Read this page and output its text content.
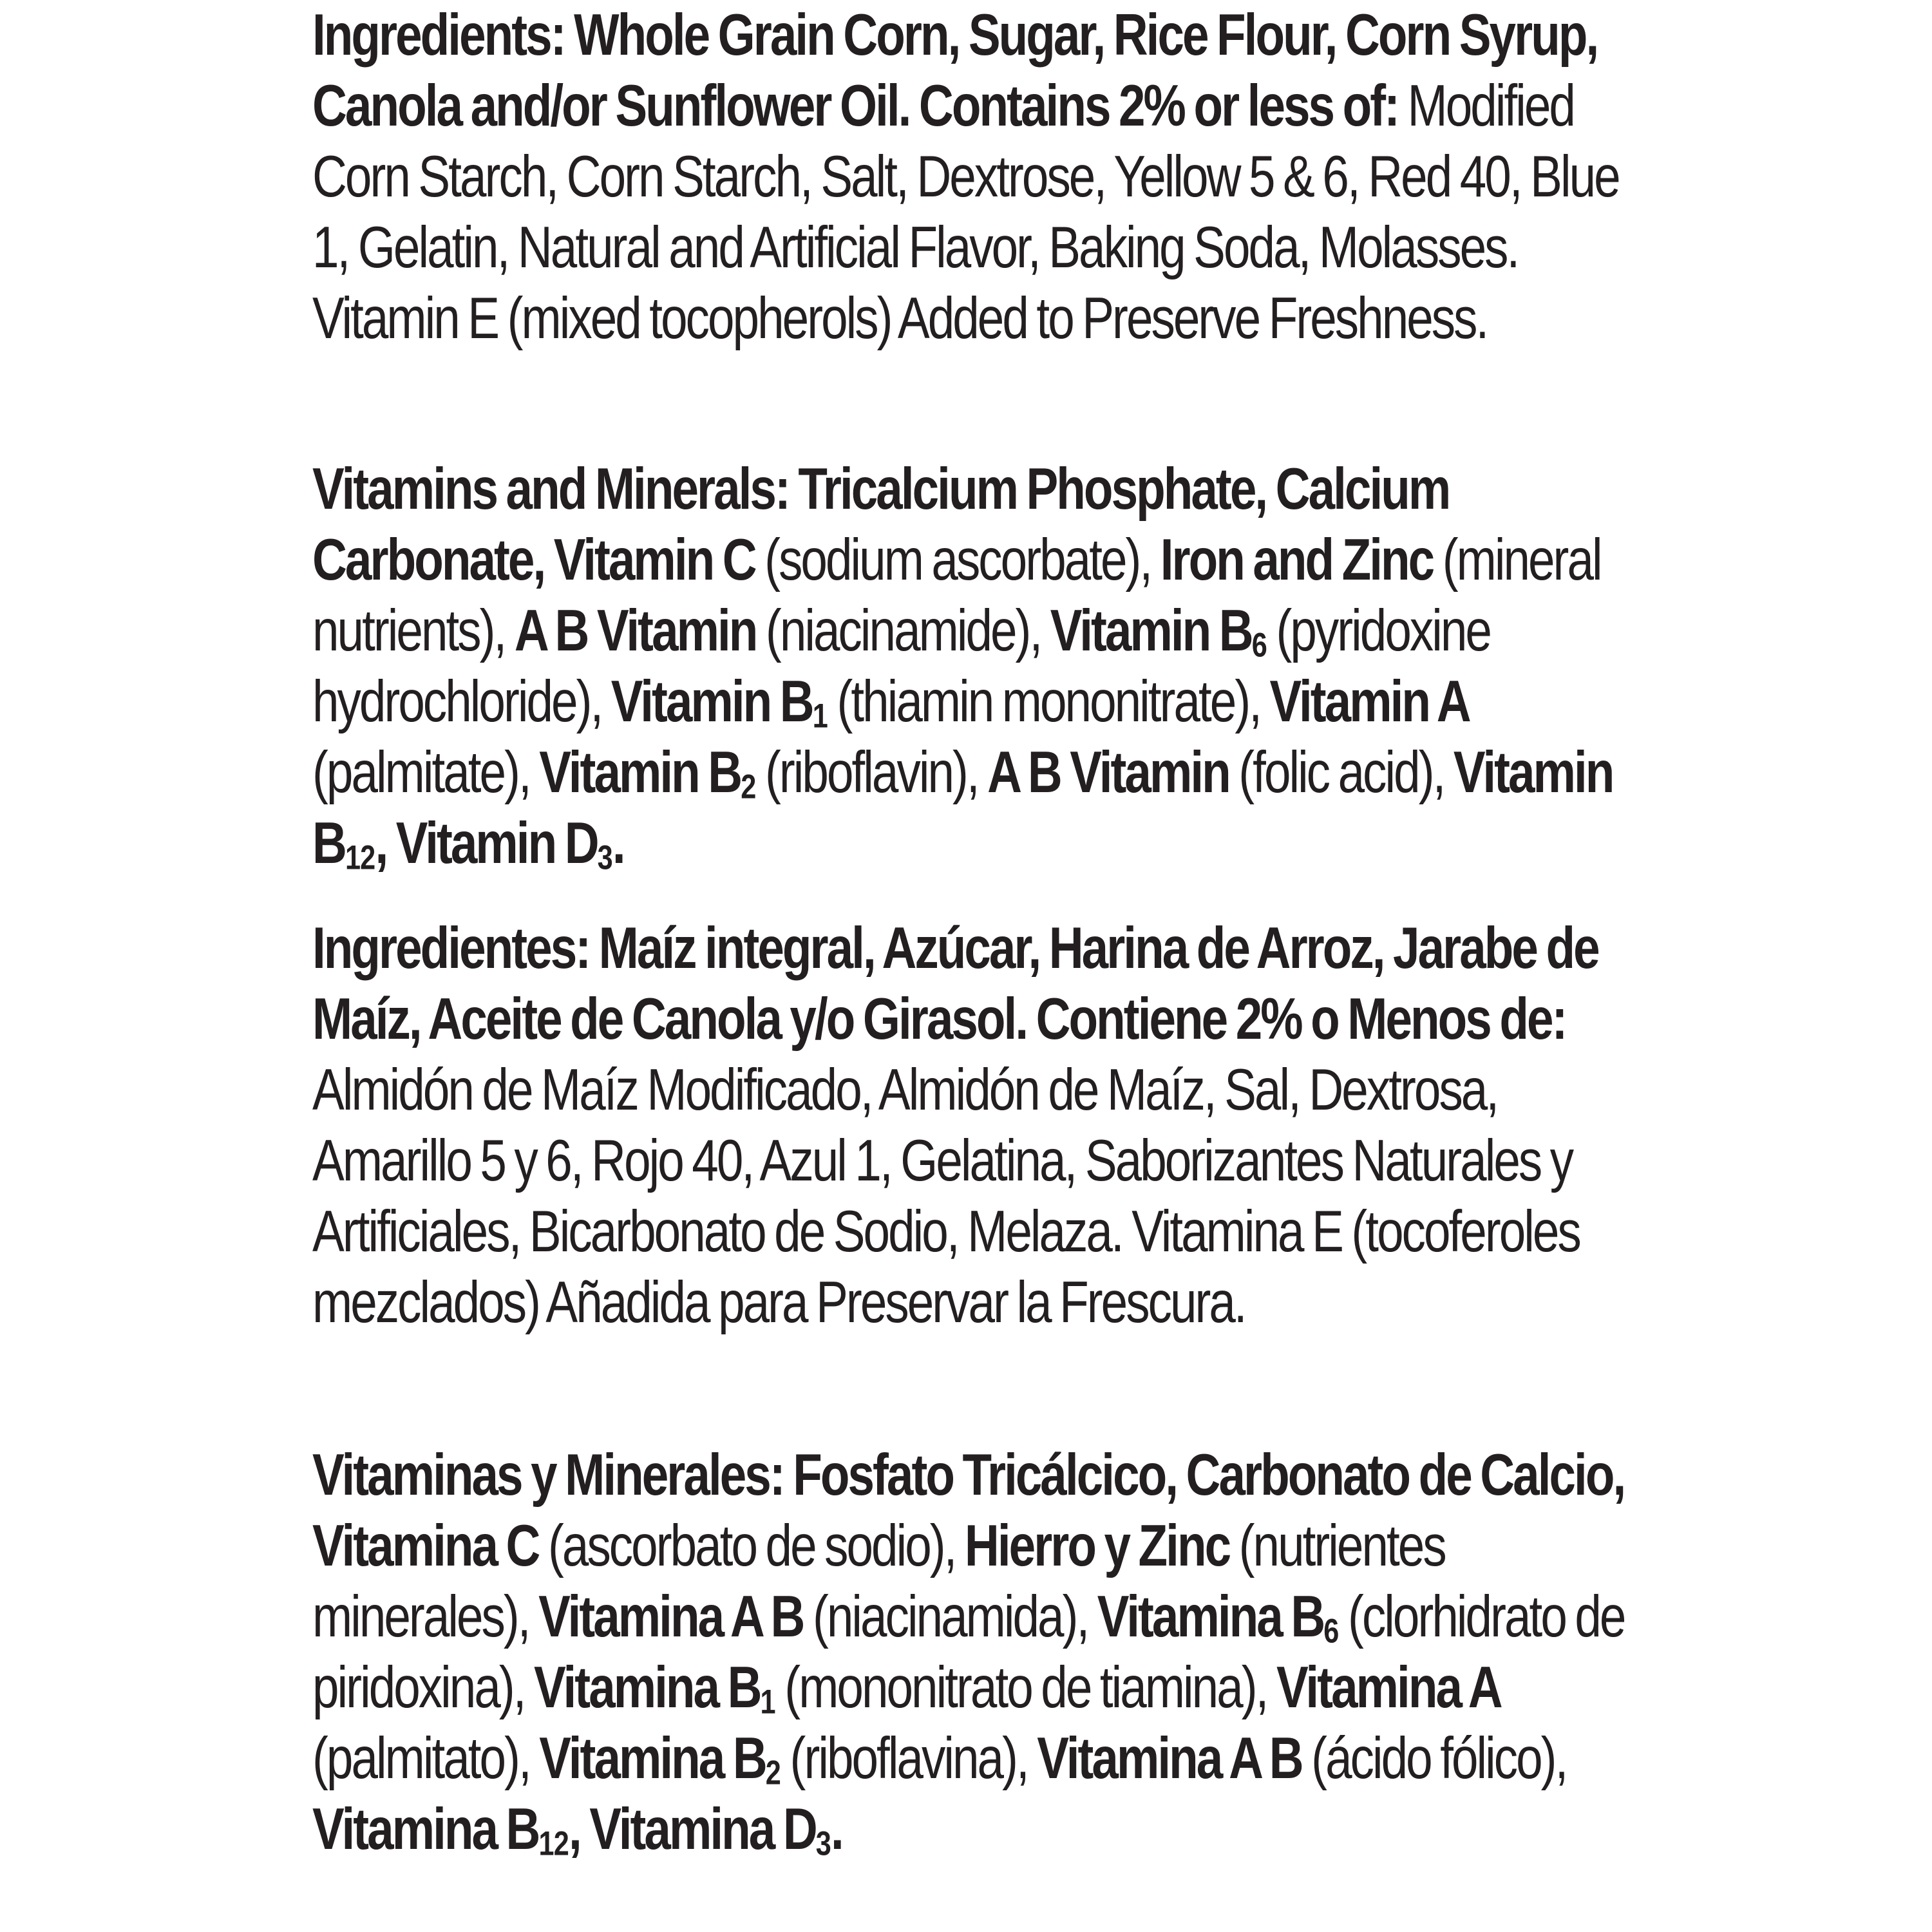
Ingredients: Whole Grain Corn, Sugar, Rice Flour, Corn Syrup, Canola and/or Sunflower Oil. Contains 2% or less of: Modified Corn Starch, Corn Starch, Salt, Dextrose, Yellow 5 & 6, Red 40, Blue 1, Gelatin, Natural and Artificial Flavor, Baking Soda, Molasses. Vitamin E (mixed tocopherols) Added to Preserve Freshness.

Vitamins and Minerals: Tricalcium Phosphate, Calcium Carbonate, Vitamin C (sodium ascorbate), Iron and Zinc (mineral nutrients), A B Vitamin (niacinamide), Vitamin B6 (pyridoxine hydrochloride), Vitamin B1 (thiamin mononitrate), Vitamin A (palmitate), Vitamin B2 (riboflavin), A B Vitamin (folic acid), Vitamin B12, Vitamin D3.

Ingredientes: Maíz integral, Azúcar, Harina de Arroz, Jarabe de Maíz, Aceite de Canola y/o Girasol. Contiene 2% o Menos de: Almidón de Maíz Modificado, Almidón de Maíz, Sal, Dextrosa, Amarillo 5 y 6, Rojo 40, Azul 1, Gelatina, Saborizantes Naturales y Artificiales, Bicarbonato de Sodio, Melaza. Vitamina E (tocoferoles mezclados) Añadida para Preservar la Frescura.

Vitaminas y Minerales: Fosfato Tricálcico, Carbonato de Calcio, Vitamina C (ascorbato de sodio), Hierro y Zinc (nutrientes minerales), Vitamina A B (niacinamida), Vitamina B6 (clorhidrato de piridoxina), Vitamina B1 (mononitrato de tiamina), Vitamina A (palmitato), Vitamina B2 (riboflavina), Vitamina A B (ácido fólico), Vitamina B12, Vitamina D3.
